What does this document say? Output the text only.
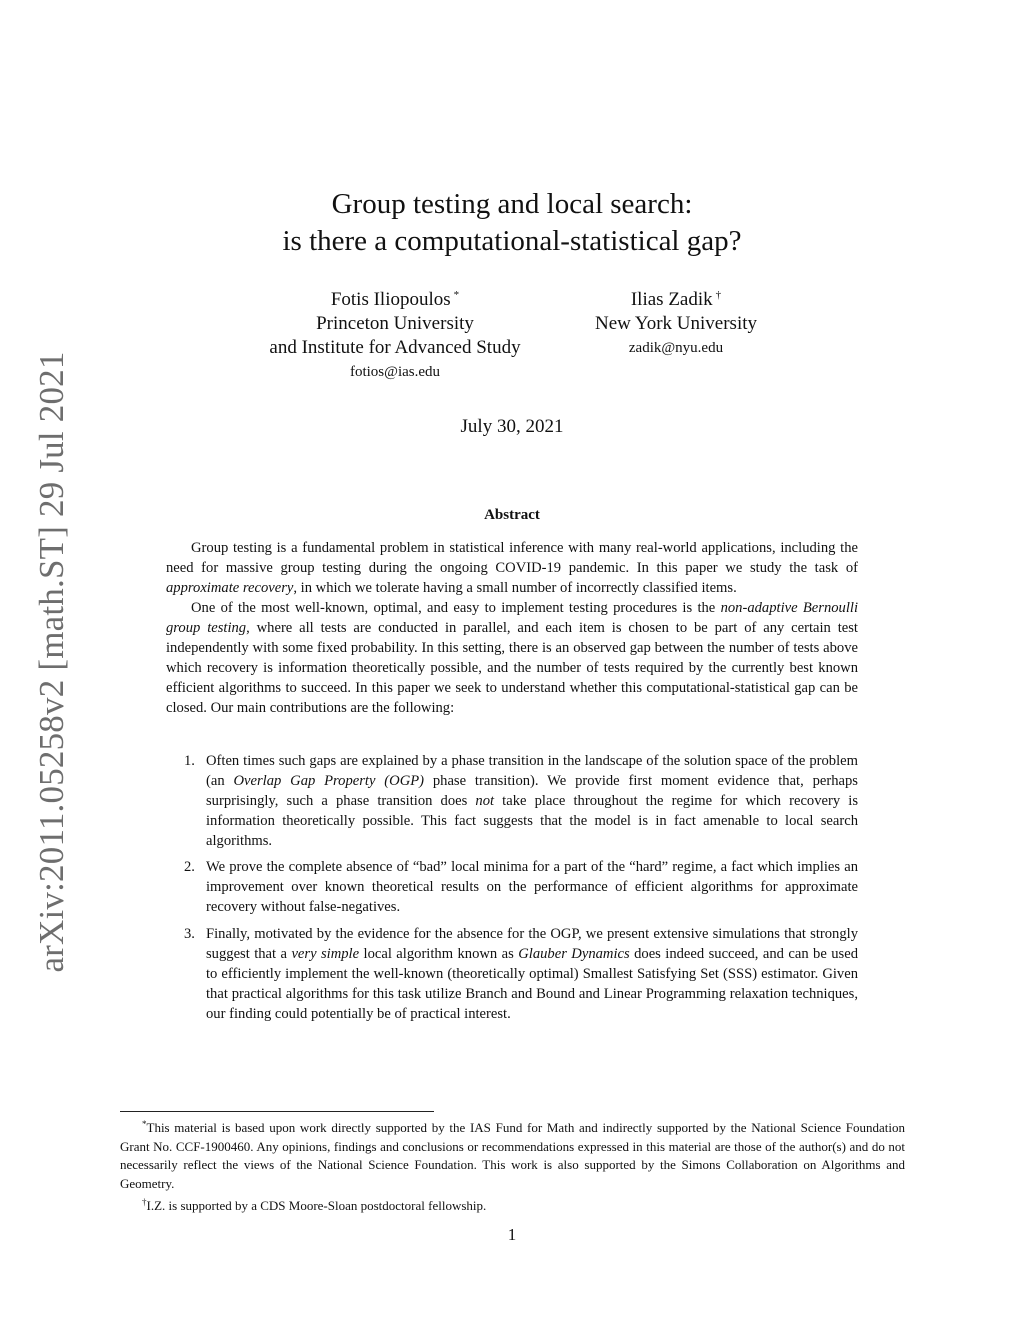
arXiv:2011.05258v2 [math.ST] 29 Jul 2021
Group testing and local search:
is there a computational-statistical gap?
Fotis Iliopoulos *
Princeton University
and Institute for Advanced Study
fotios@ias.edu
Ilias Zadik †
New York University
zadik@nyu.edu
July 30, 2021
Abstract

Group testing is a fundamental problem in statistical inference with many real-world applications, including the need for massive group testing during the ongoing COVID-19 pandemic. In this paper we study the task of approximate recovery, in which we tolerate having a small number of incorrectly classified items.

One of the most well-known, optimal, and easy to implement testing procedures is the non-adaptive Bernoulli group testing, where all tests are conducted in parallel, and each item is chosen to be part of any certain test independently with some fixed probability. In this setting, there is an observed gap between the number of tests above which recovery is information theoretically possible, and the number of tests required by the currently best known efficient algorithms to succeed. In this paper we seek to understand whether this computational-statistical gap can be closed. Our main contributions are the following:

1. Often times such gaps are explained by a phase transition in the landscape of the solution space of the problem (an Overlap Gap Property (OGP) phase transition). We provide first moment evidence that, perhaps surprisingly, such a phase transition does not take place throughout the regime for which recovery is information theoretically possible. This fact suggests that the model is in fact amenable to local search algorithms.
2. We prove the complete absence of “bad” local minima for a part of the “hard” regime, a fact which implies an improvement over known theoretical results on the performance of efficient algorithms for approximate recovery without false-negatives.
3. Finally, motivated by the evidence for the absence for the OGP, we present extensive simulations that strongly suggest that a very simple local algorithm known as Glauber Dynamics does indeed succeed, and can be used to efficiently implement the well-known (theoretically optimal) Smallest Satisfying Set (SSS) estimator. Given that practical algorithms for this task utilize Branch and Bound and Linear Programming relaxation techniques, our finding could potentially be of practical interest.

*This material is based upon work directly supported by the IAS Fund for Math and indirectly supported by the National Science Foundation Grant No. CCF-1900460. Any opinions, findings and conclusions or recommendations expressed in this material are those of the author(s) and do not necessarily reflect the views of the National Science Foundation. This work is also supported by the Simons Collaboration on Algorithms and Geometry.

†I.Z. is supported by a CDS Moore-Sloan postdoctoral fellowship.

1
